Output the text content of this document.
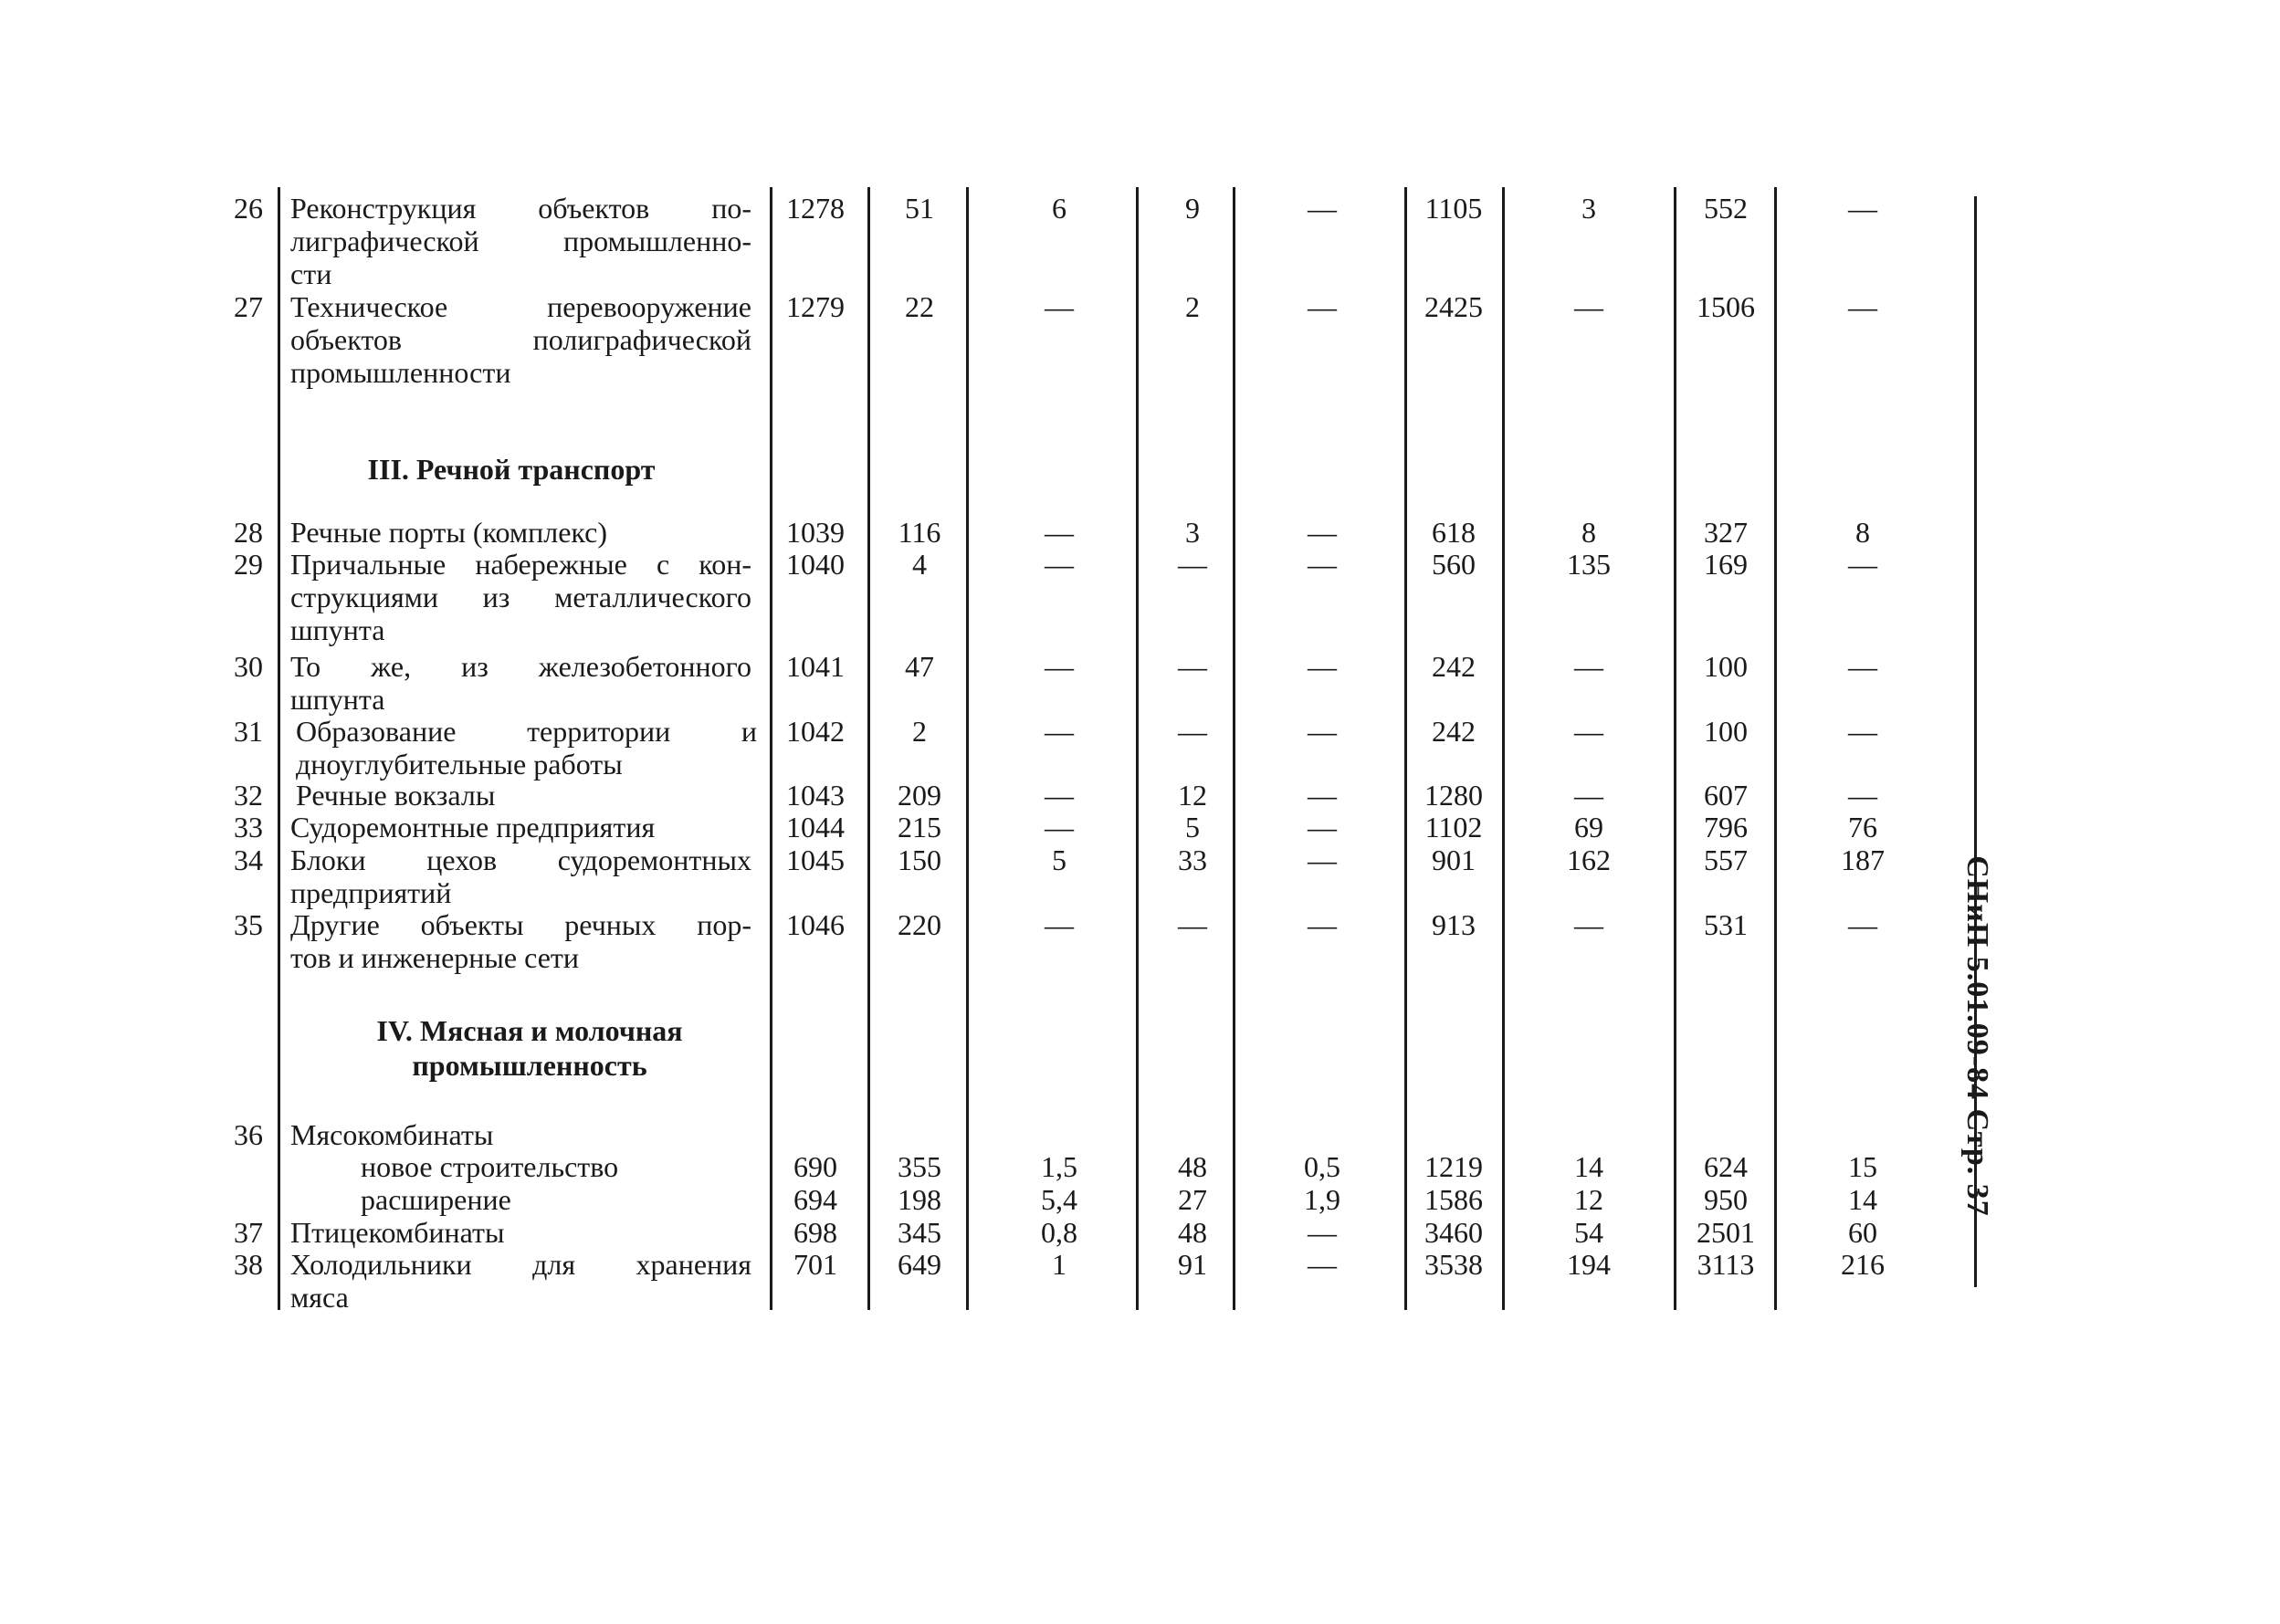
26 Реконструкция объектов по-
лиграфической промышленно-
сти
1278	51	6	9	—	1105	3	552	—
27 Техническое перевооружение
объектов полиграфической
промышленности
1279	22	—	2	—	2425	—	1506	—
III. Речной транспорт
28 Речные порты (комплекс)	1039	116	—	3	—	618	8	327	8
29 Причальные набережные с кон-
струкциями из металлического
шпунта
1040	4	—	—	—	560	135	169	—
30 То же, из железобетонного
шпунта
1041	47	—	—	—	242	—	100	—
31 Образование территории и
дноуглубительные работы
1042	2	—	—	—	242	—	100	—
32 Речные вокзалы	1043	209	—	12	—	1280	—	607	—
33 Судоремонтные предприятия	1044	215	—	5	—	1102	69	796	76
34 Блоки цехов судоремонтных
предприятий
1045	150	5	33	—	901	162	557	187
35 Другие объекты речных пор-
тов и инженерные сети
1046	220	—	—	—	913	—	531	—
IV. Мясная и молочная промышленность
36 Мясокомбинаты
новое строительство	690	355	1,5	48	0,5	1219	14	624	15
расширение	694	198	5,4	27	1,9	1586	12	950	14
37 Птицекомбинаты	698	345	0,8	48	—	3460	54	2501	60
38 Холодильники для хранения
мяса
701	649	1	91	—	3538	194	3113	216
СНиП 5.01.09-84 Стр. 37
